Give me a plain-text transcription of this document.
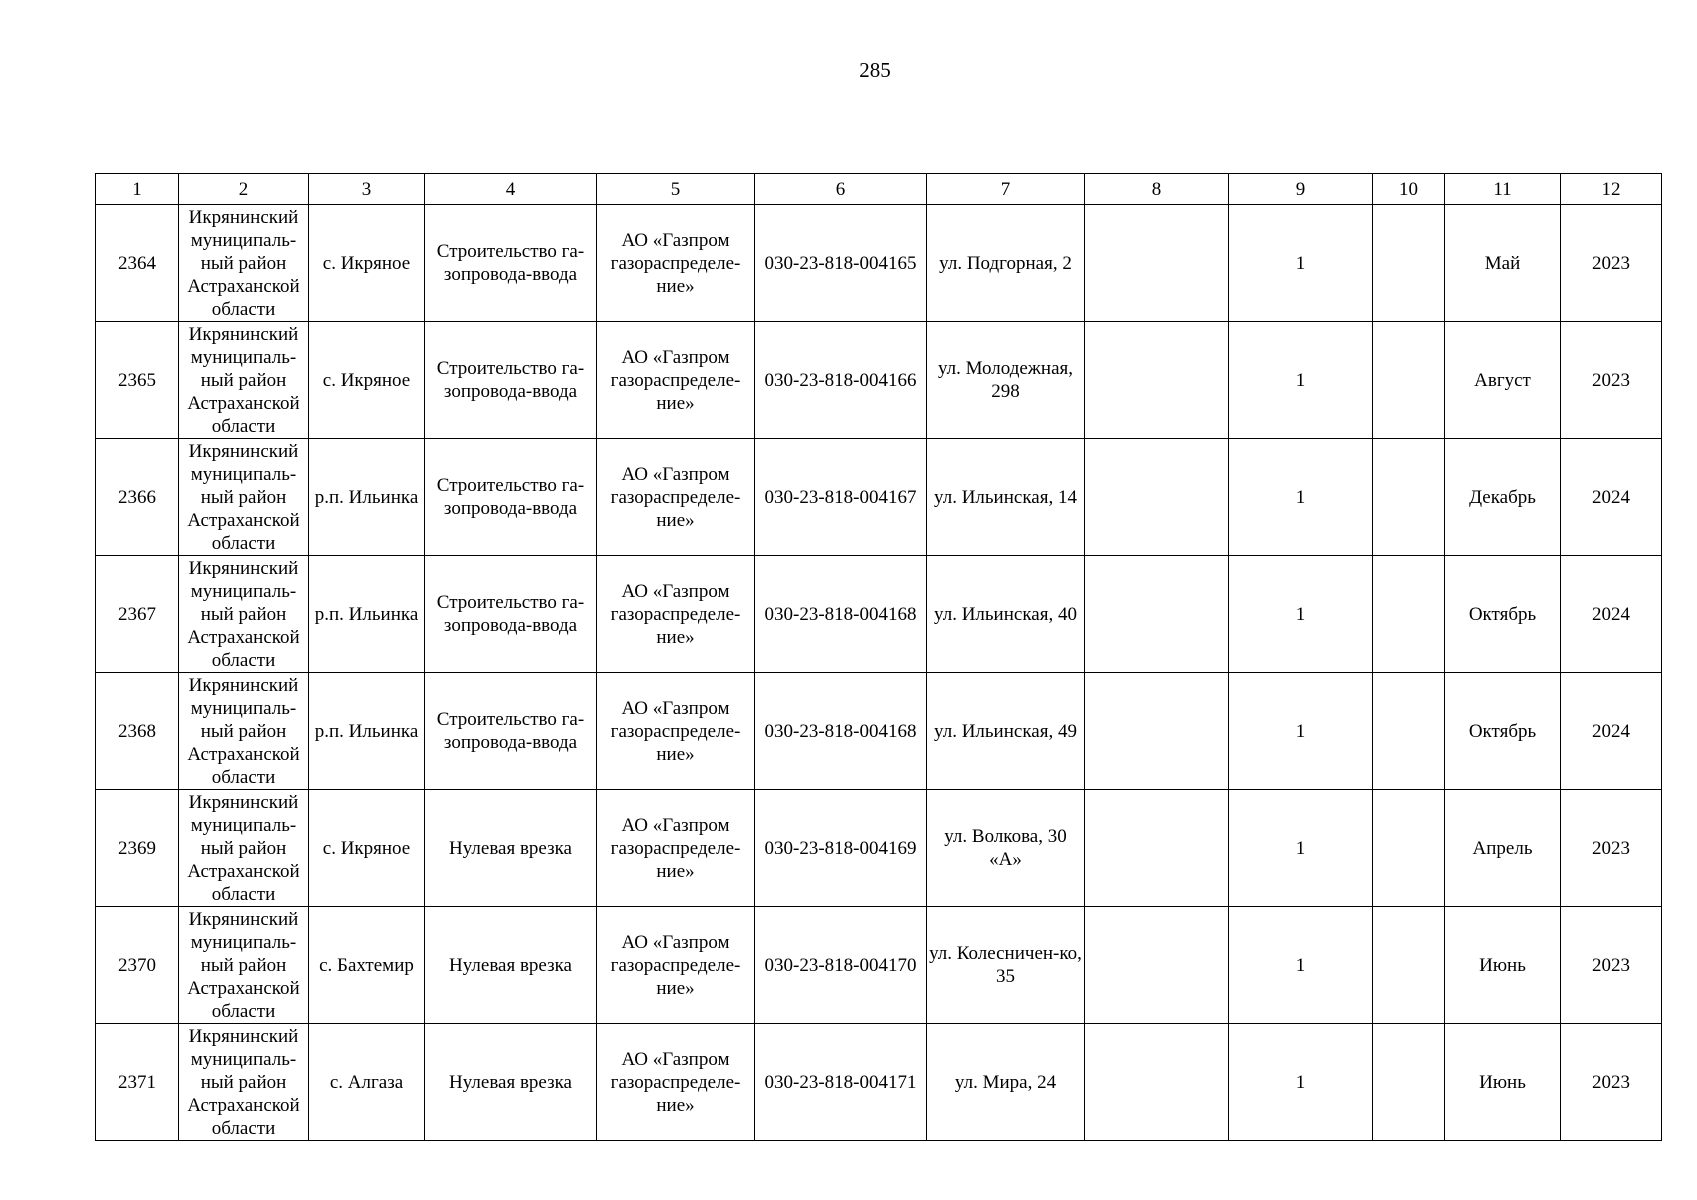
285
1	2	3	4	5	6	7	8	9	10	11	12
2364	Икрянинский муниципаль-ный район Астраханской области	с. Икряное	Строительство га-зопровода-ввода	АО «Газпром газораспределе-ние»	030-23-818-004165	ул. Подгорная, 2		1		Май	2023
2365	Икрянинский муниципаль-ный район Астраханской области	с. Икряное	Строительство га-зопровода-ввода	АО «Газпром газораспределе-ние»	030-23-818-004166	ул. Молодежная, 298		1		Август	2023
2366	Икрянинский муниципаль-ный район Астраханской области	р.п. Ильинка	Строительство га-зопровода-ввода	АО «Газпром газораспределе-ние»	030-23-818-004167	ул. Ильинская, 14		1		Декабрь	2024
2367	Икрянинский муниципаль-ный район Астраханской области	р.п. Ильинка	Строительство га-зопровода-ввода	АО «Газпром газораспределе-ние»	030-23-818-004168	ул. Ильинская, 40		1		Октябрь	2024
2368	Икрянинский муниципаль-ный район Астраханской области	р.п. Ильинка	Строительство га-зопровода-ввода	АО «Газпром газораспределе-ние»	030-23-818-004168	ул. Ильинская, 49		1		Октябрь	2024
2369	Икрянинский муниципаль-ный район Астраханской области	с. Икряное	Нулевая врезка	АО «Газпром газораспределе-ние»	030-23-818-004169	ул. Волкова, 30 «А»		1		Апрель	2023
2370	Икрянинский муниципаль-ный район Астраханской области	с. Бахтемир	Нулевая врезка	АО «Газпром газораспределе-ние»	030-23-818-004170	ул. Колесничен-ко, 35		1		Июнь	2023
2371	Икрянинский муниципаль-ный район Астраханской области	с. Алгаза	Нулевая врезка	АО «Газпром газораспределе-ние»	030-23-818-004171	ул. Мира, 24		1		Июнь	2023
